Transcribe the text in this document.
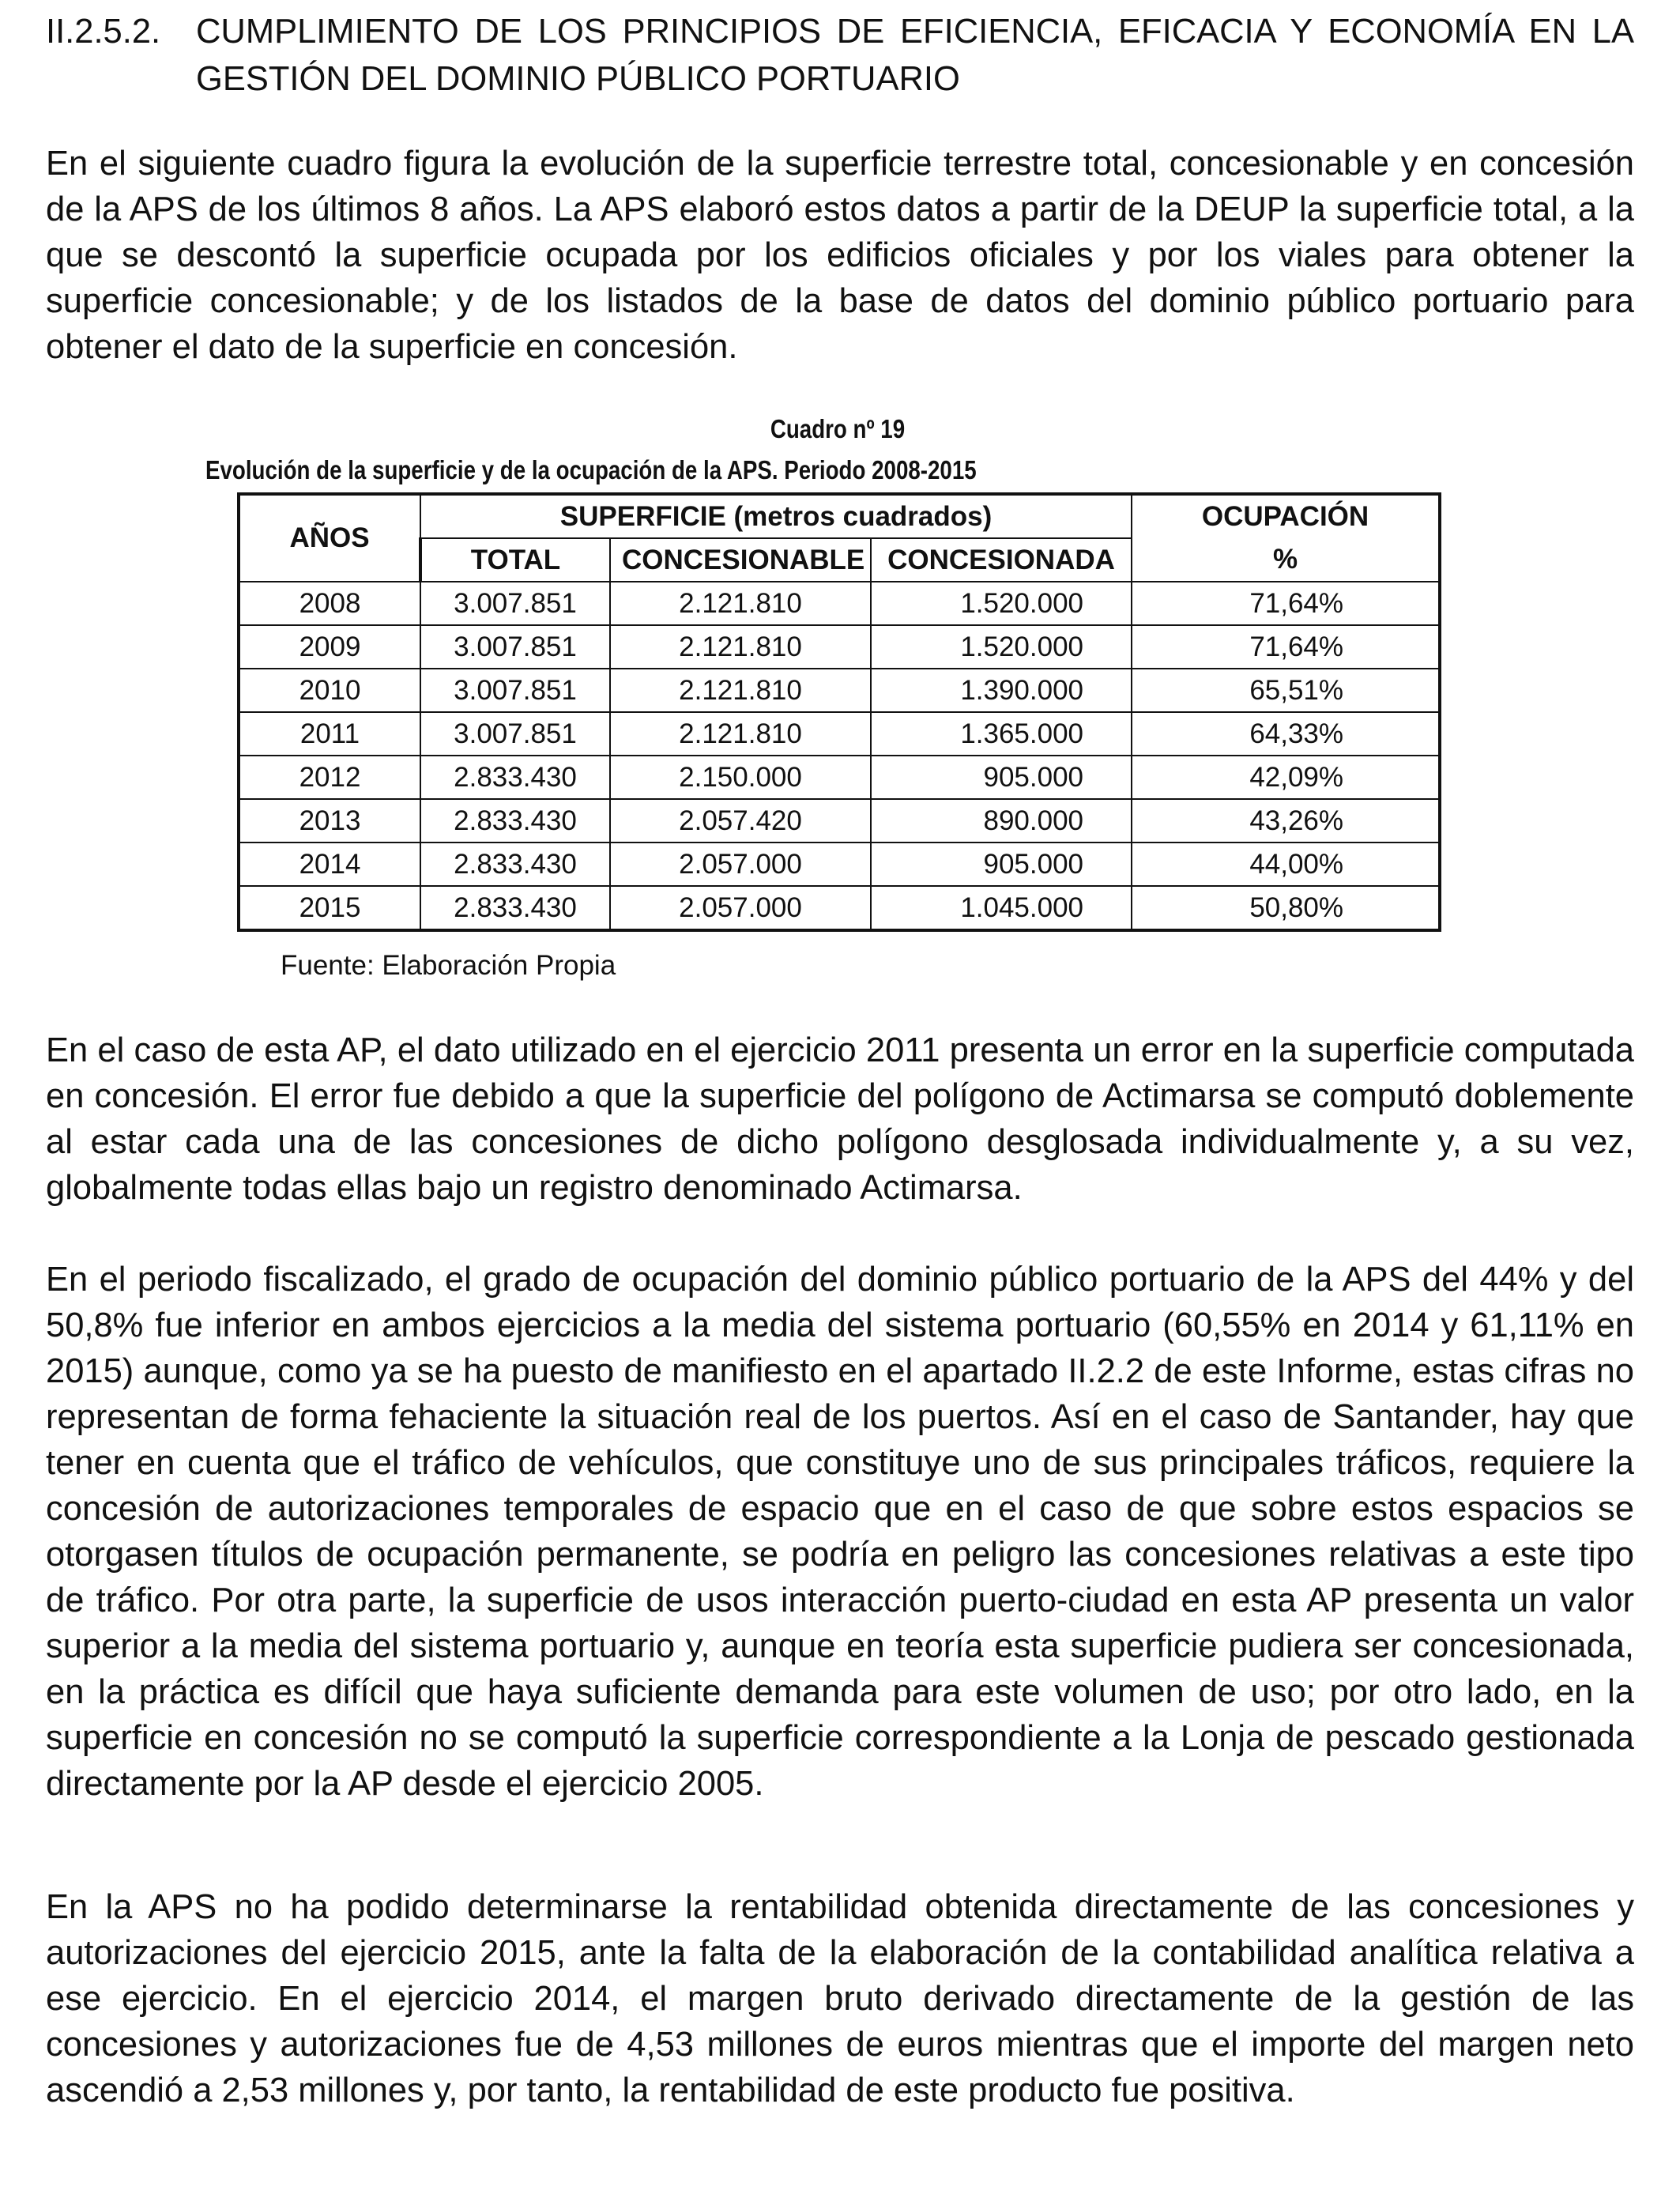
II.2.5.2.	CUMPLIMIENTO DE LOS PRINCIPIOS DE EFICIENCIA, EFICACIA Y ECONOMÍA EN LA GESTIÓN DEL DOMINIO PÚBLICO PORTUARIO

En el siguiente cuadro figura la evolución de la superficie terrestre total, concesionable y en concesión de la APS de los últimos 8 años. La APS elaboró estos datos a partir de la DEUP la superficie total, a la que se descontó la superficie ocupada por los edificios oficiales y por los viales para obtener la superficie concesionable; y de los listados de la base de datos del dominio público portuario para obtener el dato de la superficie en concesión.

Cuadro nº 19
Evolución de la superficie y de la ocupación de la APS. Periodo 2008-2015
AÑOS	SUPERFICIE (metros cuadrados)			OCUPACIÓN
	TOTAL	CONCESIONABLE	CONCESIONADA	%
2008	3.007.851	2.121.810	1.520.000	71,64%
2009	3.007.851	2.121.810	1.520.000	71,64%
2010	3.007.851	2.121.810	1.390.000	65,51%
2011	3.007.851	2.121.810	1.365.000	64,33%
2012	2.833.430	2.150.000	905.000	42,09%
2013	2.833.430	2.057.420	890.000	43,26%
2014	2.833.430	2.057.000	905.000	44,00%
2015	2.833.430	2.057.000	1.045.000	50,80%
Fuente: Elaboración Propia

En el caso de esta AP, el dato utilizado en el ejercicio 2011 presenta un error en la superficie computada en concesión. El error fue debido a que la superficie del polígono de Actimarsa se computó doblemente al estar cada una de las concesiones de dicho polígono desglosada individualmente y, a su vez, globalmente todas ellas bajo un registro denominado Actimarsa.

En el periodo fiscalizado, el grado de ocupación del dominio público portuario de la APS del 44% y del 50,8% fue inferior en ambos ejercicios a la media del sistema portuario (60,55% en 2014 y 61,11% en 2015) aunque, como ya se ha puesto de manifiesto en el apartado II.2.2 de este Informe, estas cifras no representan de forma fehaciente la situación real de los puertos. Así en el caso de Santander, hay que tener en cuenta que el tráfico de vehículos, que constituye uno de sus principales tráficos, requiere la concesión de autorizaciones temporales de espacio que en el caso de que sobre estos espacios se otorgasen títulos de ocupación permanente, se podría en peligro las concesiones relativas a este tipo de tráfico. Por otra parte, la superficie de usos interacción puerto-ciudad en esta AP presenta un valor superior a la media del sistema portuario y, aunque en teoría esta superficie pudiera ser concesionada, en la práctica es difícil que haya suficiente demanda para este volumen de uso; por otro lado, en la superficie en concesión no se computó la superficie correspondiente a la Lonja de pescado gestionada directamente por la AP desde el ejercicio 2005.

En la APS no ha podido determinarse la rentabilidad obtenida directamente de las concesiones y autorizaciones del ejercicio 2015, ante la falta de la elaboración de la contabilidad analítica relativa a ese ejercicio. En el ejercicio 2014, el margen bruto derivado directamente de la gestión de las concesiones y autorizaciones fue de 4,53 millones de euros mientras que el importe del margen neto ascendió a 2,53 millones y, por tanto, la rentabilidad de este producto fue positiva.
